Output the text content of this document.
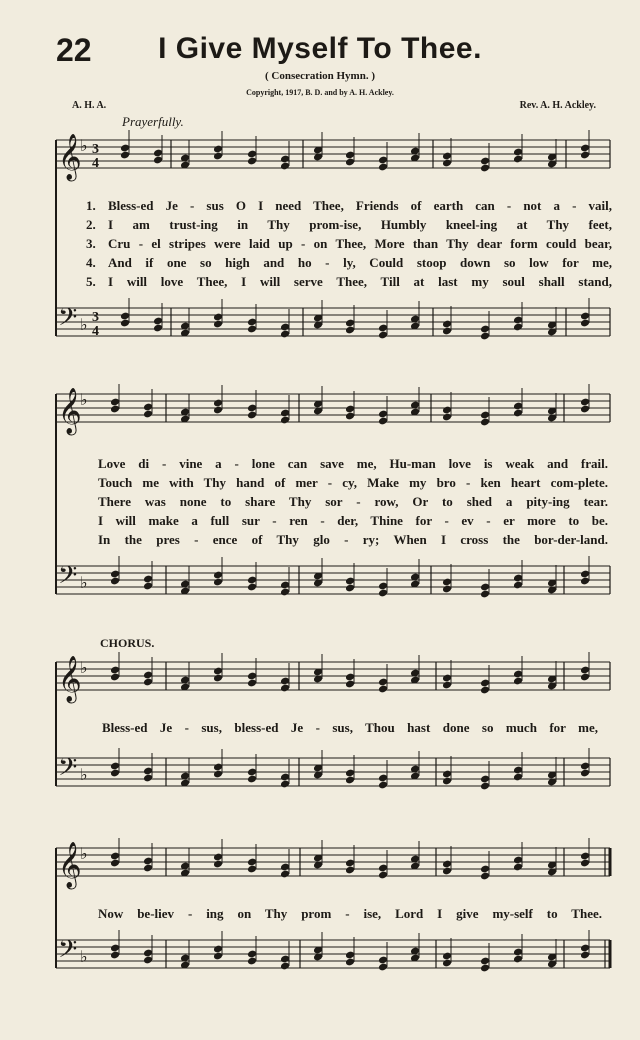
22	I Give Myself To Thee.
( Consecration Hymn. )
Copyright, 1917, B. D. and by A. H. Ackley.
A. H. A.	Rev. A. H. Ackley.
Prayerfully.
𝄞
♭
𝄢 ♭
3
4
3
4
𝄞
♭
𝄢 ♭
𝄞
♭
𝄢 ♭
𝄞
♭
𝄢 ♭
1. Bless-ed Je - sus O I need Thee, Friends of earth can - not a - vail,
2. I am trust-ing in Thy prom-ise, Humbly kneel-ing at Thy feet,
3. Cru - el stripes were laid up - on Thee, More than Thy dear form could bear,
4. And if one so high and ho - ly, Could stoop down so low for me,
5. I will love Thee, I will serve Thee, Till at last my soul shall stand,
Love di - vine a - lone can save me, Hu-man love is weak and frail.
Touch me with Thy hand of mer - cy, Make my bro - ken heart com-plete.
There was none to share Thy sor - row, Or to shed a pity-ing tear.
I will make a full sur - ren - der, Thine for - ev - er more to be.
In the pres - ence of Thy glo - ry; When I cross the bor-der-land.
CHORUS.
Bless-ed Je - sus, bless-ed Je - sus, Thou hast done so much for me,
Now be-liev - ing on Thy prom - ise, Lord I give my-self to Thee.
